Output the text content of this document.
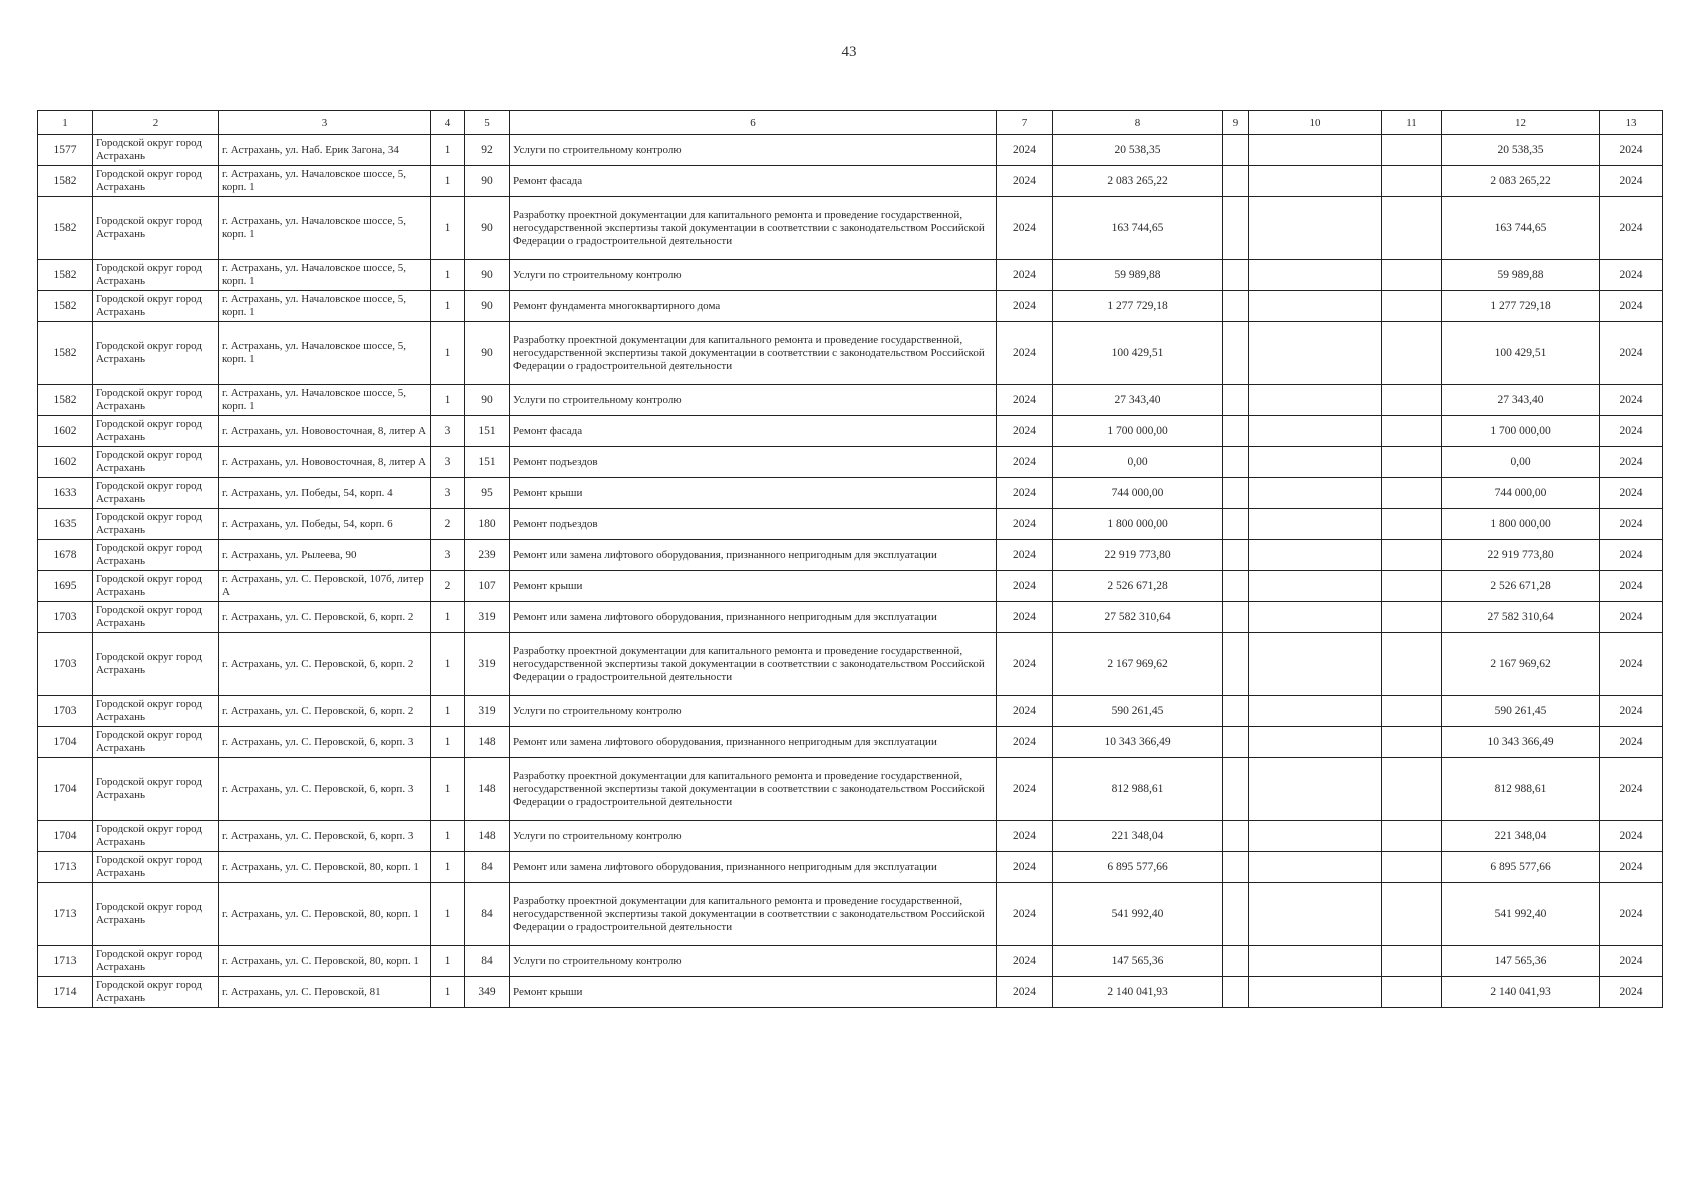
43
1	2	3	4	5	6	7	8	9	10	11	12	13
1577	Городской округ город Астрахань	г. Астрахань, ул. Наб. Ерик Загона, 34	1	92	Услуги по строительному контролю	2024	20 538,35				20 538,35	2024
1582	Городской округ город Астрахань	г. Астрахань, ул. Началовское шоссе, 5, корп. 1	1	90	Ремонт фасада	2024	2 083 265,22				2 083 265,22	2024
1582	Городской округ город Астрахань	г. Астрахань, ул. Началовское шоссе, 5, корп. 1	1	90	Разработку проектной документации для капитального ремонта и проведение государственной, негосударственной экспертизы такой документации в соответствии с законодательством Российской Федерации о градостроительной деятельности	2024	163 744,65				163 744,65	2024
1582	Городской округ город Астрахань	г. Астрахань, ул. Началовское шоссе, 5, корп. 1	1	90	Услуги по строительному контролю	2024	59 989,88				59 989,88	2024
1582	Городской округ город Астрахань	г. Астрахань, ул. Началовское шоссе, 5, корп. 1	1	90	Ремонт фундамента многоквартирного дома	2024	1 277 729,18				1 277 729,18	2024
1582	Городской округ город Астрахань	г. Астрахань, ул. Началовское шоссе, 5, корп. 1	1	90	Разработку проектной документации для капитального ремонта и проведение государственной, негосударственной экспертизы такой документации в соответствии с законодательством Российской Федерации о градостроительной деятельности	2024	100 429,51				100 429,51	2024
1582	Городской округ город Астрахань	г. Астрахань, ул. Началовское шоссе, 5, корп. 1	1	90	Услуги по строительному контролю	2024	27 343,40				27 343,40	2024
1602	Городской округ город Астрахань	г. Астрахань, ул. Нововосточная, 8, литер А	3	151	Ремонт фасада	2024	1 700 000,00				1 700 000,00	2024
1602	Городской округ город Астрахань	г. Астрахань, ул. Нововосточная, 8, литер А	3	151	Ремонт подъездов	2024	0,00				0,00	2024
1633	Городской округ город Астрахань	г. Астрахань, ул. Победы, 54, корп. 4	3	95	Ремонт крыши	2024	744 000,00				744 000,00	2024
1635	Городской округ город Астрахань	г. Астрахань, ул. Победы, 54, корп. 6	2	180	Ремонт подъездов	2024	1 800 000,00				1 800 000,00	2024
1678	Городской округ город Астрахань	г. Астрахань, ул. Рылеева, 90	3	239	Ремонт или замена лифтового оборудования, признанного непригодным для эксплуатации	2024	22 919 773,80				22 919 773,80	2024
1695	Городской округ город Астрахань	г. Астрахань, ул. С. Перовской, 107б, литер А	2	107	Ремонт крыши	2024	2 526 671,28				2 526 671,28	2024
1703	Городской округ город Астрахань	г. Астрахань, ул. С. Перовской, 6, корп. 2	1	319	Ремонт или замена лифтового оборудования, признанного непригодным для эксплуатации	2024	27 582 310,64				27 582 310,64	2024
1703	Городской округ город Астрахань	г. Астрахань, ул. С. Перовской, 6, корп. 2	1	319	Разработку проектной документации для капитального ремонта и проведение государственной, негосударственной экспертизы такой документации в соответствии с законодательством Российской Федерации о градостроительной деятельности	2024	2 167 969,62				2 167 969,62	2024
1703	Городской округ город Астрахань	г. Астрахань, ул. С. Перовской, 6, корп. 2	1	319	Услуги по строительному контролю	2024	590 261,45				590 261,45	2024
1704	Городской округ город Астрахань	г. Астрахань, ул. С. Перовской, 6, корп. 3	1	148	Ремонт или замена лифтового оборудования, признанного непригодным для эксплуатации	2024	10 343 366,49				10 343 366,49	2024
1704	Городской округ город Астрахань	г. Астрахань, ул. С. Перовской, 6, корп. 3	1	148	Разработку проектной документации для капитального ремонта и проведение государственной, негосударственной экспертизы такой документации в соответствии с законодательством Российской Федерации о градостроительной деятельности	2024	812 988,61				812 988,61	2024
1704	Городской округ город Астрахань	г. Астрахань, ул. С. Перовской, 6, корп. 3	1	148	Услуги по строительному контролю	2024	221 348,04				221 348,04	2024
1713	Городской округ город Астрахань	г. Астрахань, ул. С. Перовской, 80, корп. 1	1	84	Ремонт или замена лифтового оборудования, признанного непригодным для эксплуатации	2024	6 895 577,66				6 895 577,66	2024
1713	Городской округ город Астрахань	г. Астрахань, ул. С. Перовской, 80, корп. 1	1	84	Разработку проектной документации для капитального ремонта и проведение государственной, негосударственной экспертизы такой документации в соответствии с законодательством Российской Федерации о градостроительной деятельности	2024	541 992,40				541 992,40	2024
1713	Городской округ город Астрахань	г. Астрахань, ул. С. Перовской, 80, корп. 1	1	84	Услуги по строительному контролю	2024	147 565,36				147 565,36	2024
1714	Городской округ город Астрахань	г. Астрахань, ул. С. Перовской, 81	1	349	Ремонт крыши	2024	2 140 041,93				2 140 041,93	2024
